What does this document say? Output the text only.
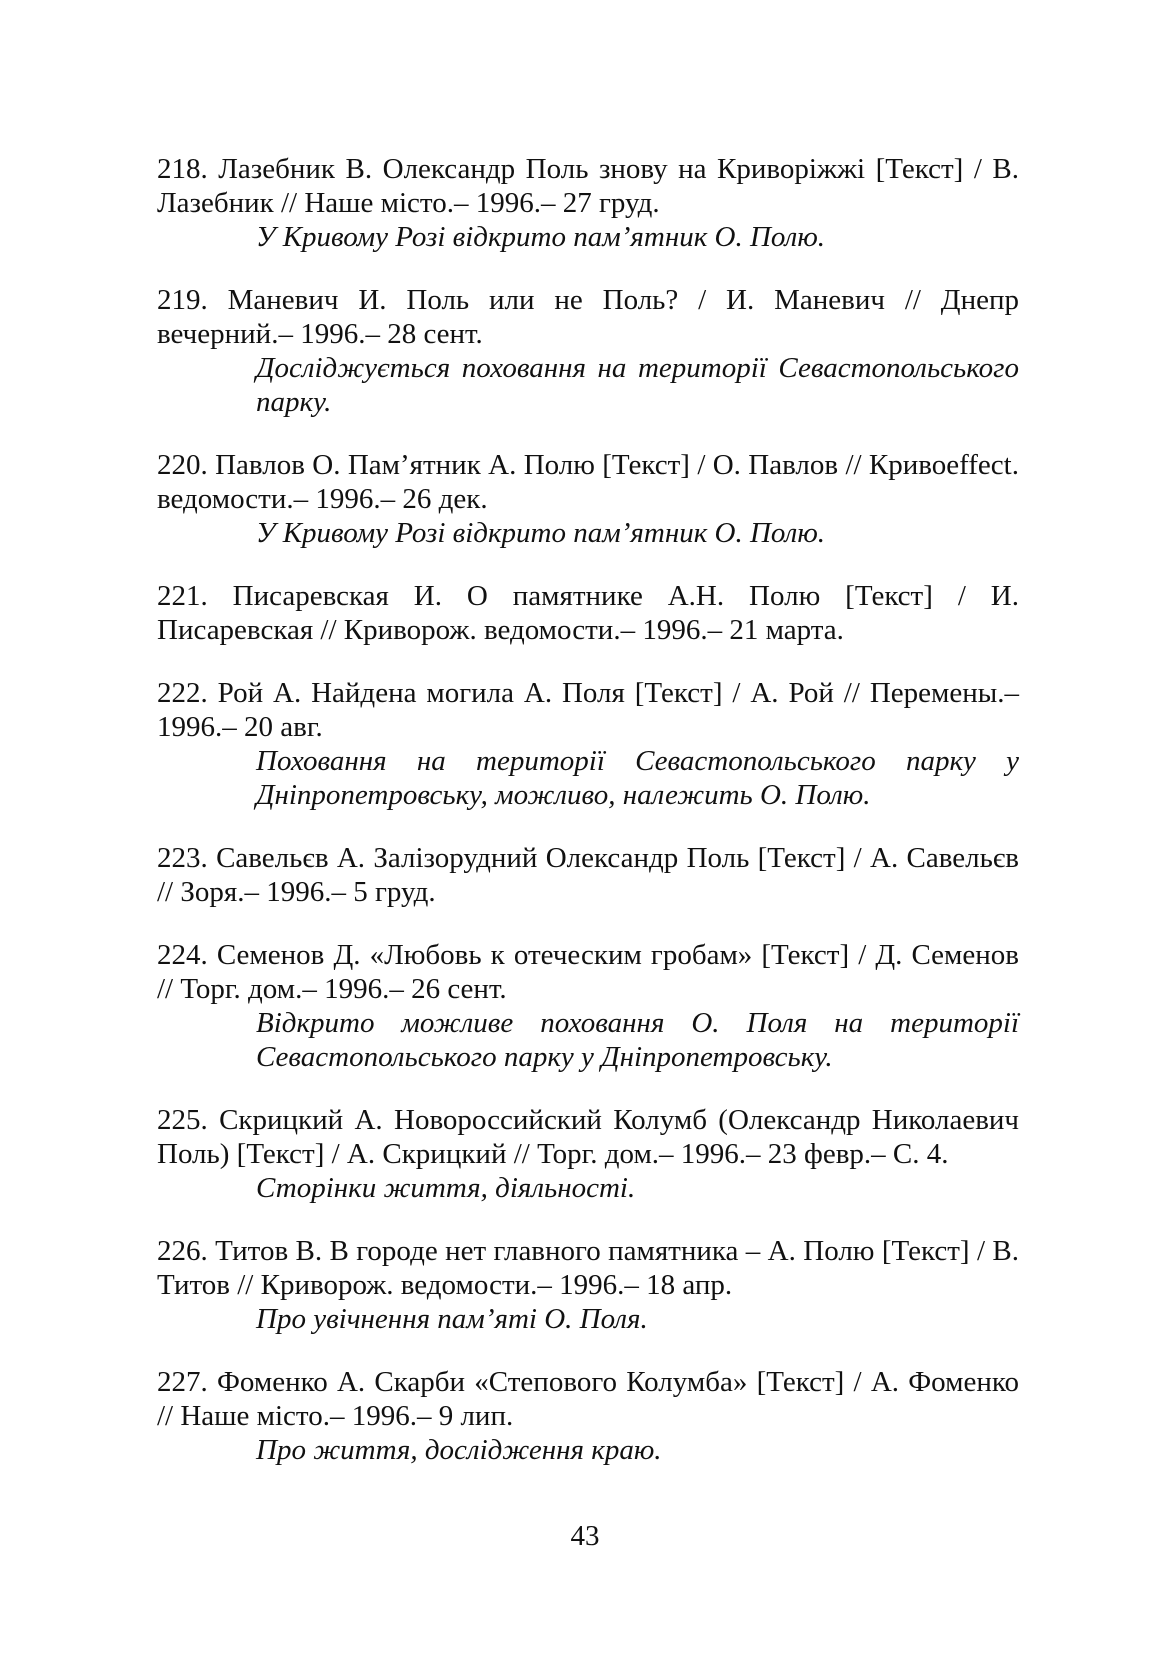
218. Лазебник В. Олександр Поль знову на Криворіжжі [Текст] / В. Лазебник // Наше місто.– 1996.– 27 груд.

У Кривому Розі відкрито пам’ятник О. Полю.

219. Маневич И. Поль или не Поль? / И. Маневич // Днепр вечерний.– 1996.– 28 сент.

Досліджується поховання на території Севастопольського парку.

220. Павлов О. Пам’ятник А. Полю [Текст] / О. Павлов // Кривоeffect. ведомости.– 1996.– 26 дек.

У Кривому Розі відкрито пам’ятник О. Полю.

221. Писаревская И. О памятнике А.Н. Полю [Текст] / И. Писаревская // Криворож. ведомости.– 1996.– 21 марта.

222. Рой А. Найдена могила А. Поля [Текст] / А. Рой // Перемены.– 1996.– 20 авг.

Поховання на території Севастопольського парку у Дніпропетровську, можливо, належить О. Полю.

223. Савельєв А. Залізорудний Олександр Поль [Текст] / А. Савельєв // Зоря.– 1996.– 5 груд.

224. Семенов Д. «Любовь к отеческим гробам» [Текст] / Д. Семенов // Торг. дом.– 1996.– 26 сент.

Відкрито можливе поховання О. Поля на території Севастопольського парку у Дніпропетровську.

225. Скрицкий А. Новороссийский Колумб (Олександр Николаевич Поль) [Текст] / А. Скрицкий // Торг. дом.– 1996.– 23 февр.– С. 4.

Сторінки життя, діяльності.

226. Титов В. В городе нет главного памятника – А. Полю [Текст] / В. Титов // Криворож. ведомости.– 1996.– 18 апр.

Про увічнення пам’яті О. Поля.

227. Фоменко А. Скарби «Степового Колумба» [Текст] / А. Фоменко // Наше місто.– 1996.– 9 лип.

Про життя, дослідження краю.

43
